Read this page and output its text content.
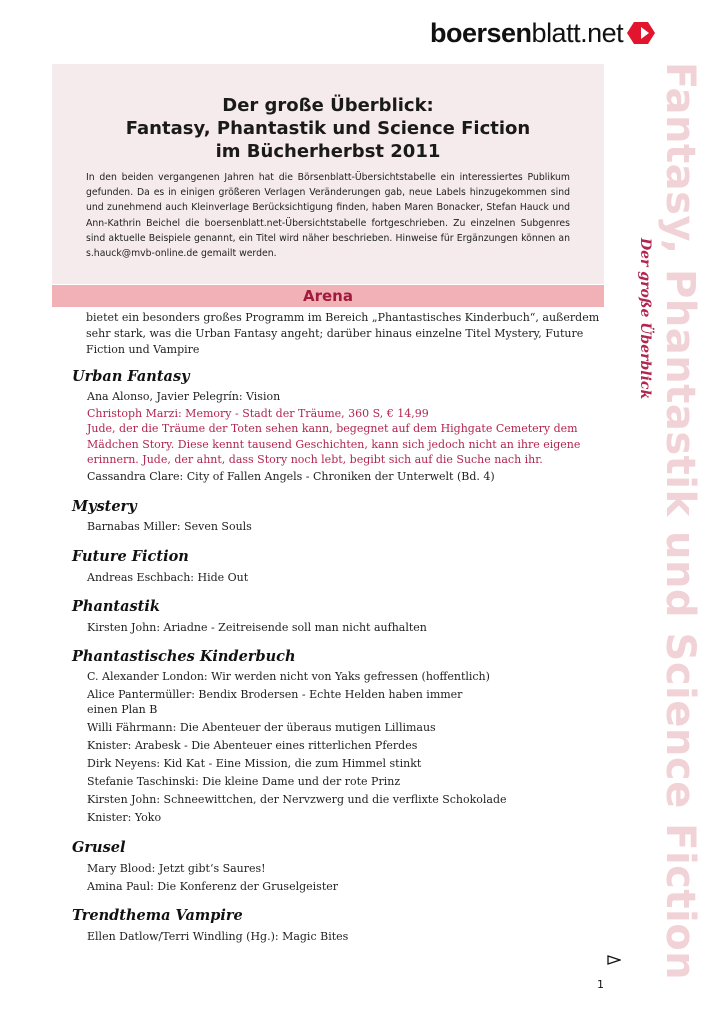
boersen blatt . net
Fantasy, Phantastik und Science Fiction
Der große Überblick
Der große Überblick:
Fantasy, Phantastik und Science Fiction
im Bücherherbst 2011

In den beiden vergangenen Jahren hat die Börsenblatt-Übersichtstabelle ein interessiertes Publikum gefunden. Da es in einigen größeren Verlagen Veränderungen gab, neue Labels hinzugekommen sind und zunehmend auch Kleinverlage Berücksichtigung finden, haben Maren Bonacker, Stefan Hauck und Ann-Kathrin Beichel die boersenblatt.net-Übersichtstabelle fortgeschrieben. Zu einzelnen Subgenres sind aktuelle Beispiele genannt, ein Titel wird näher beschrieben. Hinweise für Ergänzungen können an s.hauck@mvb-online.de gemailt werden.

Arena

bietet ein besonders großes Programm im Bereich „Phantastisches Kinderbuch“, außerdem sehr stark, was die Urban Fantasy angeht; darüber hinaus einzelne Titel Mystery, Future Fiction und Vampire

Urban Fantasy
Ana Alonso, Javier Pelegrín: Vision
Christoph Marzi: Memory - Stadt der Träume, 360 S, € 14,99
Jude, der die Träume der Toten sehen kann, begegnet auf dem Highgate Cemetery dem Mädchen Story. Diese kennt tausend Geschichten, kann sich jedoch nicht an ihre eigene erinnern. Jude, der ahnt, dass Story noch lebt, begibt sich auf die Suche nach ihr.
Cassandra Clare: City of Fallen Angels - Chroniken der Unterwelt (Bd. 4)
Mystery
Barnabas Miller: Seven Souls
Future Fiction
Andreas Eschbach: Hide Out
Phantastik
Kirsten John: Ariadne - Zeitreisende soll man nicht aufhalten
Phantastisches Kinderbuch
C. Alexander London: Wir werden nicht von Yaks gefressen (hoffentlich)
Alice Pantermüller: Bendix Brodersen - Echte Helden haben immer einen Plan B
Willi Fährmann: Die Abenteuer der überaus mutigen Lillimaus
Knister: Arabesk - Die Abenteuer eines ritterlichen Pferdes
Dirk Neyens: Kid Kat - Eine Mission, die zum Himmel stinkt
Stefanie Taschinski: Die kleine Dame und der rote Prinz
Kirsten John: Schneewittchen, der Nervzwerg und die verflixte Schokolade
Knister: Yoko
Grusel
Mary Blood: Jetzt gibt‘s Saures!
Amina Paul: Die Konferenz der Gruselgeister
Trendthema Vampire
Ellen Datlow/Terri Windling (Hg.): Magic Bites
1
